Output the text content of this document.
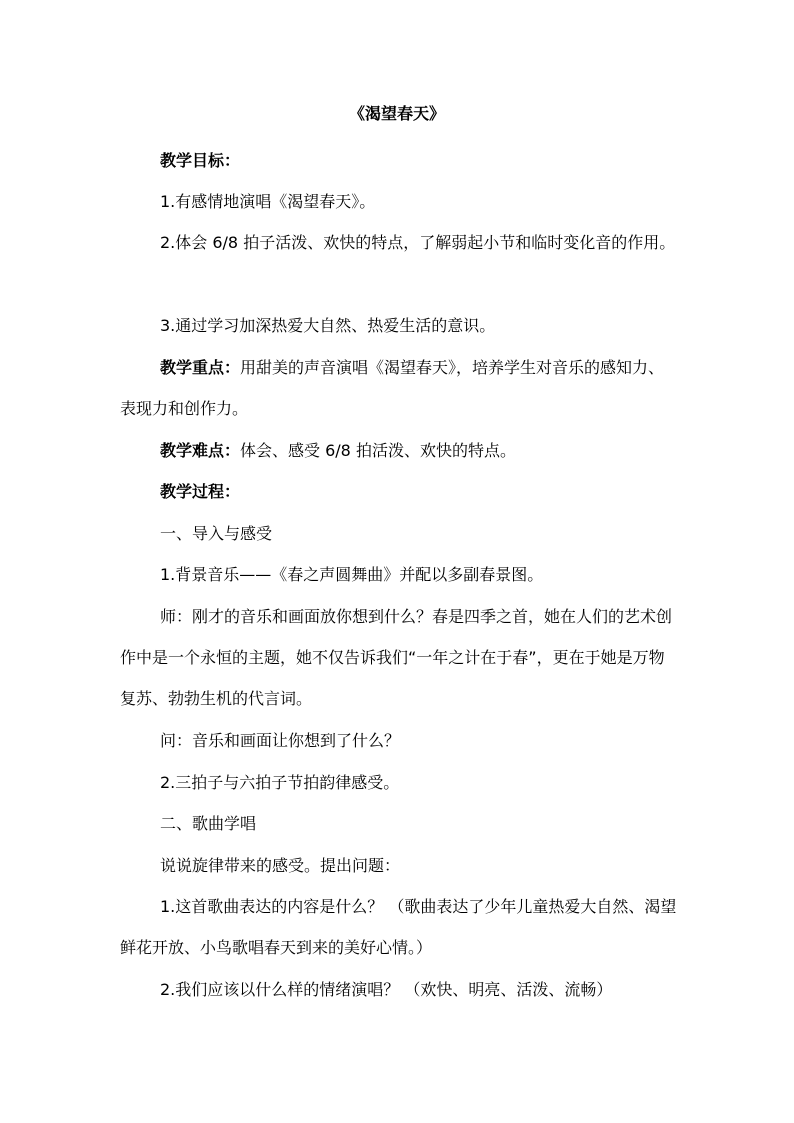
《渴望春天》
教学目标：
1.有感情地演唱《渴望春天》。
2.体会 6/8 拍子活泼、欢快的特点，了解弱起小节和临时变化音的作用。
3.通过学习加深热爱大自然、热爱生活的意识。
教学重点：用甜美的声音演唱《渴望春天》，培养学生对音乐的感知力、表现力和创作力。
教学难点：体会、感受 6/8 拍活泼、欢快的特点。
教学过程：
一、导入与感受
1.背景音乐——《春之声圆舞曲》并配以多副春景图。
师：刚才的音乐和画面放你想到什么？春是四季之首，她在人们的艺术创作中是一个永恒的主题，她不仅告诉我们“一年之计在于春”，更在于她是万物复苏、勃勃生机的代言词。
问：音乐和画面让你想到了什么？
2.三拍子与六拍子节拍韵律感受。
二、歌曲学唱
说说旋律带来的感受。提出问题：
1.这首歌曲表达的内容是什么？ （歌曲表达了少年儿童热爱大自然、渴望鲜花开放、小鸟歌唱春天到来的美好心情。）
2.我们应该以什么样的情绪演唱？ （欢快、明亮、活泼、流畅）
